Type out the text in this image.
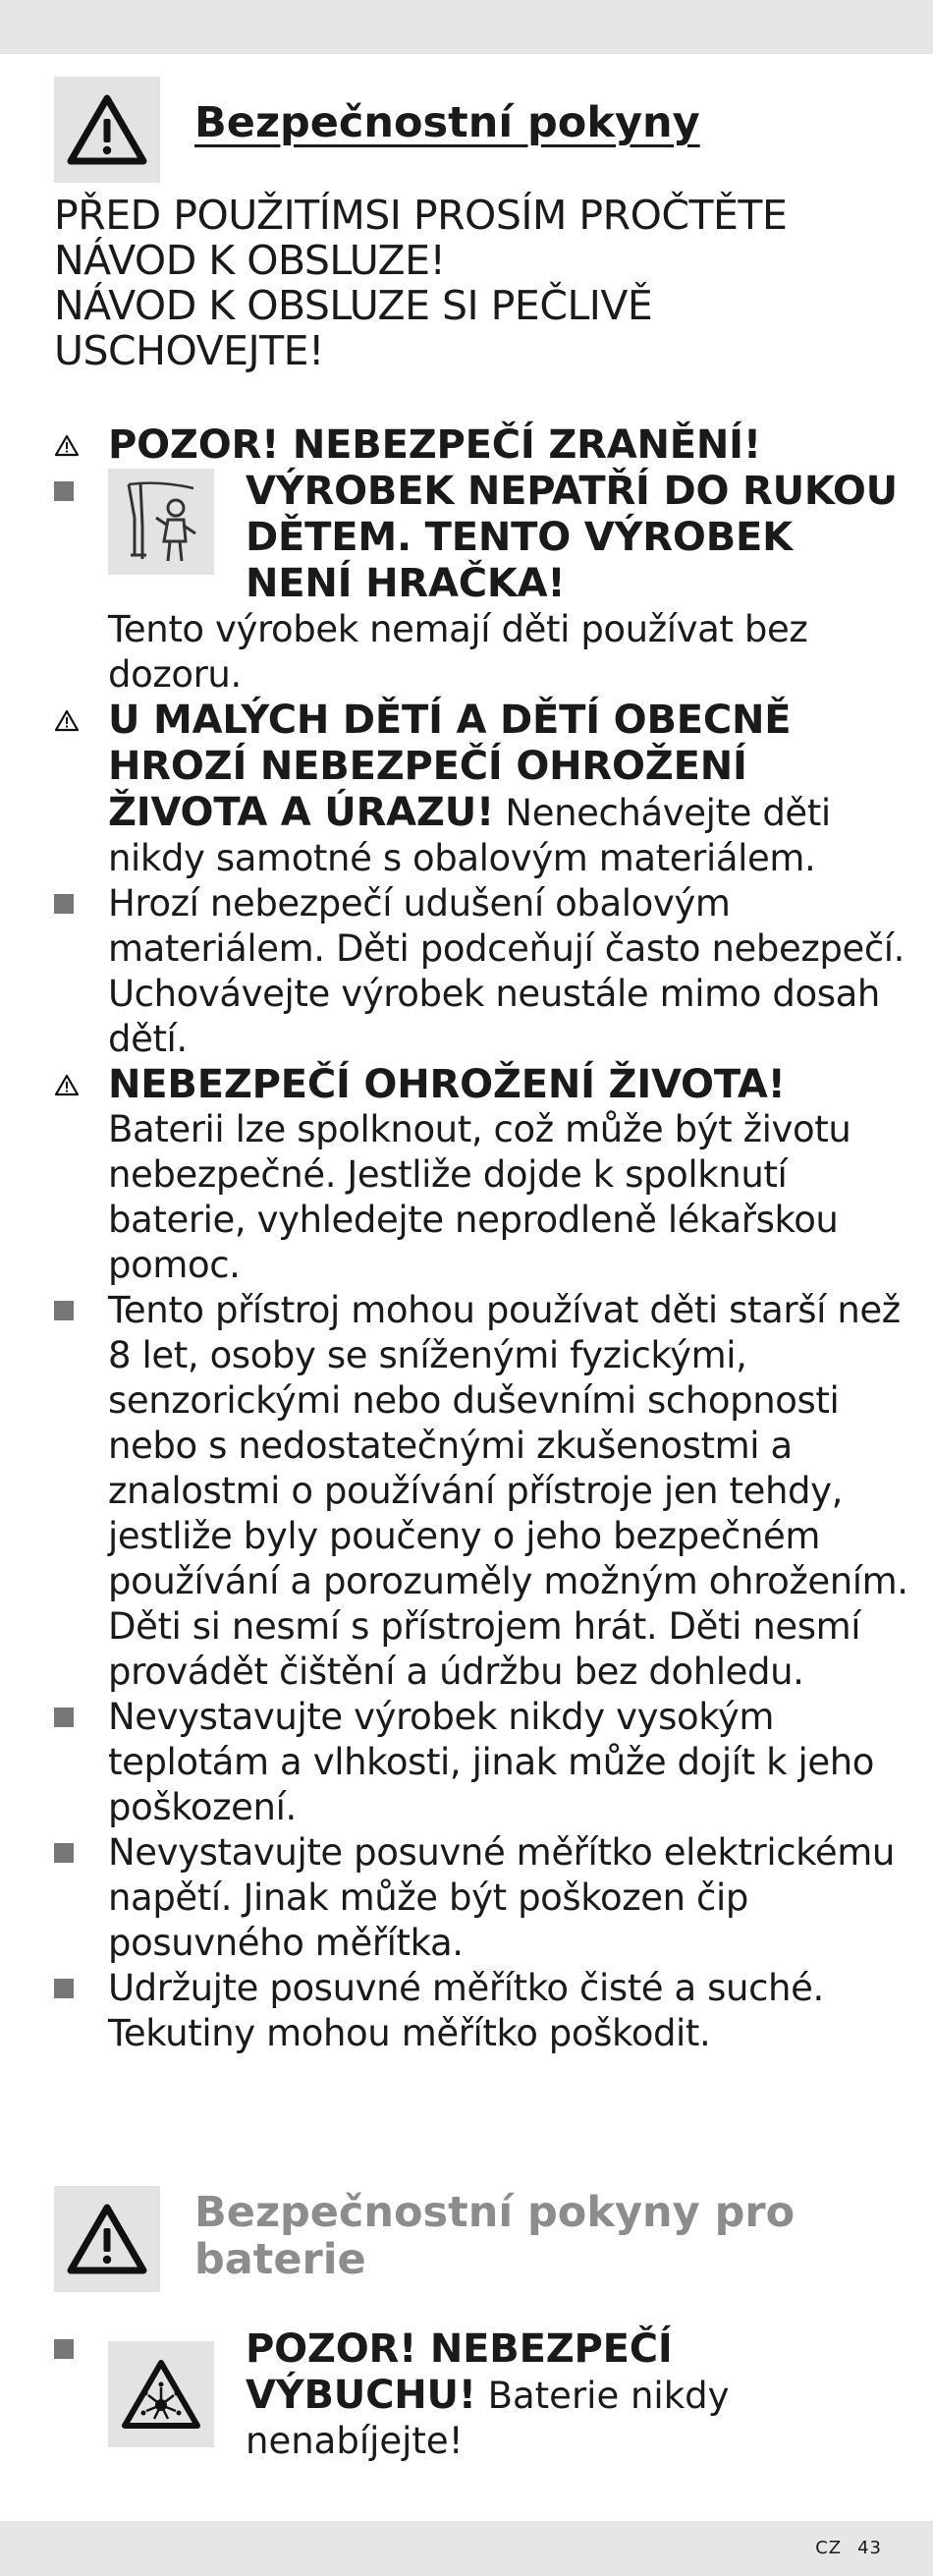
Bezpečnostní pokyny
PŘED POUŽITÍMSI PROSÍM PROČTĚTE
NÁVOD K OBSLUZE!
NÁVOD K OBSLUZE SI PEČLIVĚ
USCHOVEJTE!
POZOR! NEBEZPEČÍ ZRANĚNÍ!
VÝROBEK NEPATŘÍ DO RUKOU DĚTEM. TENTO VÝROBEK NENÍ HRAČKA!
Tento výrobek nemají děti používat bez dozoru.
U MALÝCH DĚTÍ A DĚTÍ OBECNĚ HROZÍ NEBEZPEČÍ OHROŽENÍ ŽIVOTA A ÚRAZU! Nenechávejte děti nikdy samotné s obalovým materiálem.
Hrozí nebezpečí udušení obalovým materiálem. Děti podceňují často nebezpečí. Uchovávejte výrobek neustále mimo dosah dětí.
NEBEZPEČÍ OHROŽENÍ ŽIVOTA!
Baterii lze spolknout, což může být životu nebezpečné. Jestliže dojde k spolknutí baterie, vyhledejte neprodleně lékařskou pomoc.
Tento přístroj mohou používat děti starší než 8 let, osoby se sníženými fyzickými, senzorickými nebo duševními schopnosti nebo s nedostatečnými zkušenostmi a znalostmi o používání přístroje jen tehdy, jestliže byly poučeny o jeho bezpečném používání a porozuměly možným ohrožením. Děti si nesmí s přístrojem hrát. Děti nesmí provádět čištění a údržbu bez dohledu.
Nevystavujte výrobek nikdy vysokým teplotám a vlhkosti, jinak může dojít k jeho poškození.
Nevystavujte posuvné měřítko elektrickému napětí. Jinak může být poškozen čip posuvného měřítka.
Udržujte posuvné měřítko čisté a suché. Tekutiny mohou měřítko poškodit.
Bezpečnostní pokyny pro baterie
POZOR! NEBEZPEČÍ VÝBUCHU! Baterie nikdy nenabíjejte!
CZ 43
